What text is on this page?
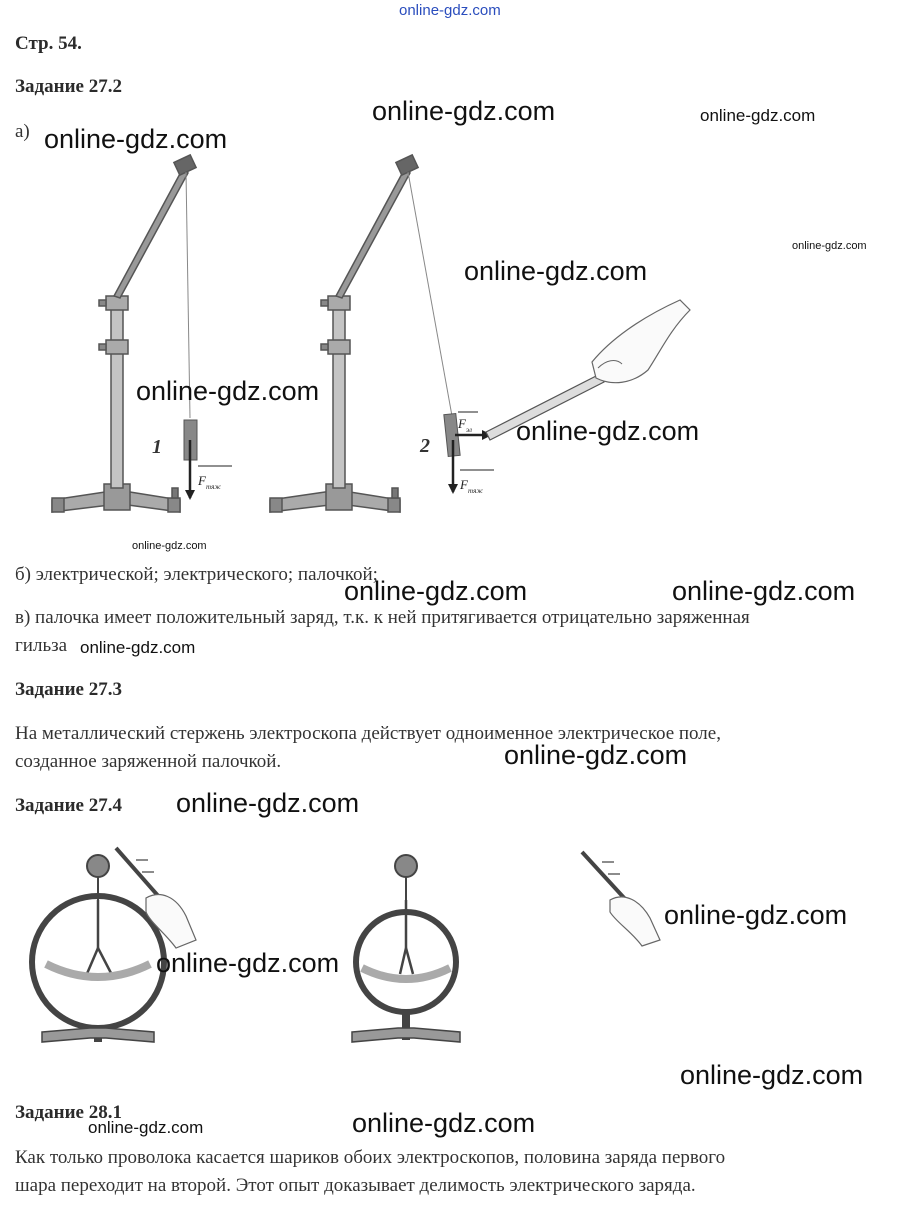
online-gdz.com
Стр. 54.
Задание 27.2
а)
1
F тяж
F эл
F тяж
2
б) электрической; электрического; палочкой;
в) палочка имеет положительный заряд, т.к. к ней притягивается отрицательно заряженная
гильза
Задание 27.3
На металлический стержень электроскопа действует одноименное электрическое поле,
созданное заряженной палочкой.
Задание 27.4
Задание 28.1
Как только проволока касается шариков обоих электроскопов, половина заряда первого
шара переходит на второй. Этот опыт доказывает делимость электрического заряда.
online-gdz.com
online-gdz.com	online-gdz.com
online-gdz.com
online-gdz.com
online-gdz.com
online-gdz.com
online-gdz.com
online-gdz.com	online-gdz.com
online-gdz.com
online-gdz.com
online-gdz.com
online-gdz.com
online-gdz.com
online-gdz.com
online-gdz.com
online-gdz.com
